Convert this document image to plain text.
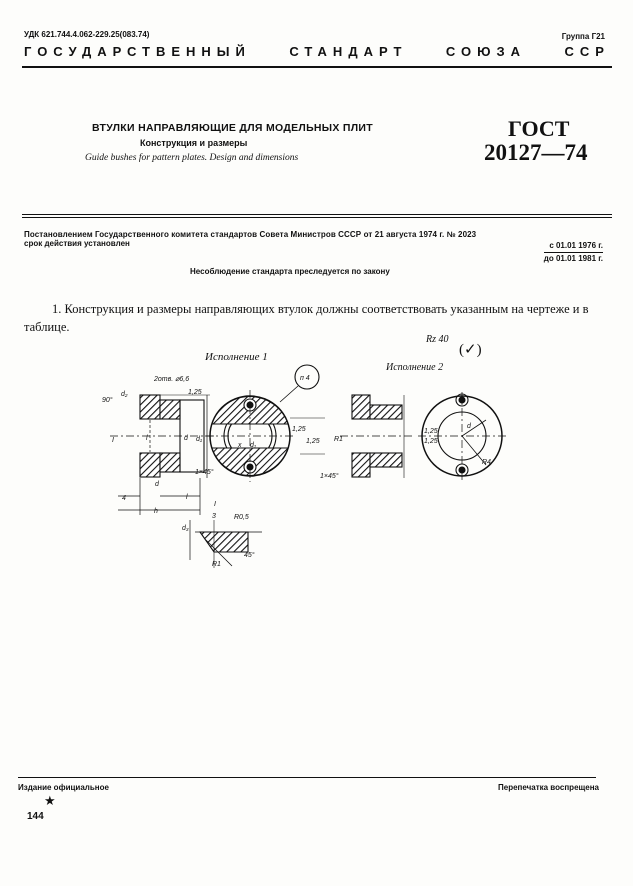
УДК 621.744.4.062-229.25(083.74)	Группа Г21
ГОСУДАРСТВЕННЫЙ	СТАНДАРТ	СОЮЗА	ССР
ВТУЛКИ НАПРАВЛЯЮЩИЕ ДЛЯ МОДЕЛЬНЫХ ПЛИТ
Конструкция и размеры
Guide bushes for pattern plates. Design and dimensions
ГОСТ
20127—74
Постановлением Государственного комитета стандартов Совета Министров СССР от 21 августа 1974 г. № 2023
срок действия установлен	с 01.01 1976 г.
до 01.01 1981 г.
Несоблюдение стандарта преследуется по закону
1. Конструкция и размеры направляющих втулок должны соответствовать указанным на чертеже и в таблице.
Исполнение 1
Исполнение 2
Rz 40
(✓)
2отв. ⌀6,6
90°
d₂	1,25
d d₁
п 4
1,25
1,25
1×45°
R1
1×45°
1,25
1,25
d
R4
l
I
4
h
l
d₃
d
I
3	R0,5
R1
45°
d₁
x
Издание официальное	Перепечатка воспрещена
★
144
